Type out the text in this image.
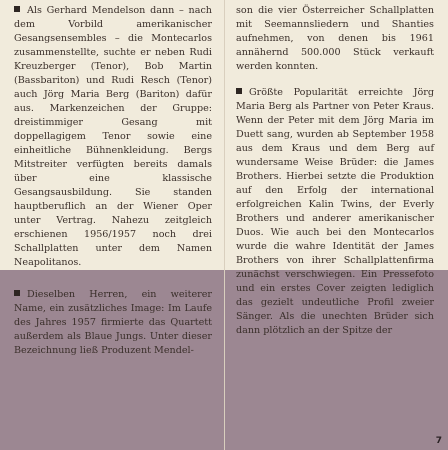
Als Gerhard Mendelson dann – nach dem Vorbild amerikanischer Gesangsensembles – die Montecarlos zusammenstellte, suchte er neben Rudi Kreuzberger (Tenor), Bob Martin (Bassbariton) und Rudi Resch (Tenor) auch Jörg Maria Berg (Bariton) dafür aus. Markenzeichen der Gruppe: dreistimmiger Gesang mit doppellagigem Tenor sowie eine einheitliche Bühnenkleidung. Bergs Mitstreiter verfügten bereits damals über eine klassische Gesangsausbildung. Sie standen hauptberuflich an der Wiener Oper unter Vertrag. Nahezu zeitgleich erschienen 1956/1957 noch drei Schallplatten unter dem Namen Neapolitanos.

Dieselben Herren, ein weiterer Name, ein zusätzliches Image: Im Laufe des Jahres 1957 firmierte das Quartett außerdem als Blaue Jungs. Unter dieser Bezeichnung ließ Produzent Mendel-

son die vier Österreicher Schallplatten mit Seemannsliedern und Shanties aufnehmen, von denen bis 1961 annähernd 500.000 Stück verkauft werden konnten.

Größte Popularität erreichte Jörg Maria Berg als Partner von Peter Kraus. Wenn der Peter mit dem Jörg Maria im Duett sang, wurden ab September 1958 aus dem Kraus und dem Berg auf wundersame Weise Brüder: die James Brothers. Hierbei setzte die Produktion auf den Erfolg der international erfolgreichen Kalin Twins, der Everly Brothers und anderer amerikanischer Duos. Wie auch bei den Montecarlos wurde die wahre Identität der James Brothers von ihrer Schallplattenfirma zunächst verschwiegen. Ein Pressefoto und ein erstes Cover zeigten lediglich das gezielt undeutliche Profil zweier Sänger. Als die unechten Brüder sich dann plötzlich an der Spitze der

7
